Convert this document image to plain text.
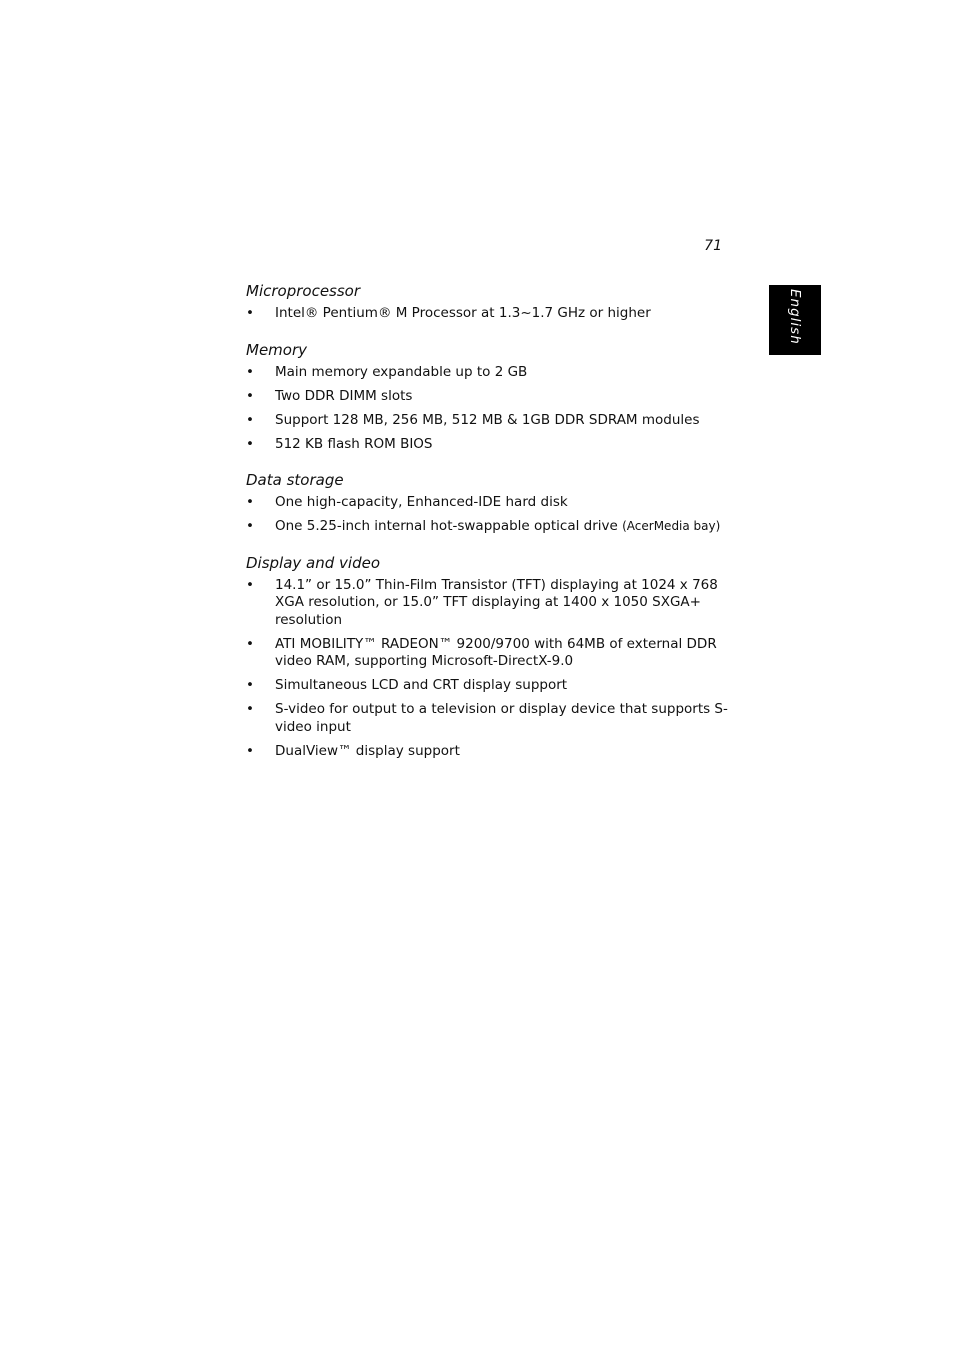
71
English
Microprocessor
• Intel® Pentium® M Processor at 1.3~1.7 GHz or higher
Memory
• Main memory expandable up to 2 GB
• Two DDR DIMM slots
• Support 128 MB, 256 MB, 512 MB & 1GB DDR SDRAM modules
• 512 KB flash ROM BIOS
Data storage
• One high-capacity, Enhanced-IDE hard disk
• One 5.25-inch internal hot-swappable optical drive (AcerMedia bay)
Display and video
• 14.1” or 15.0” Thin-Film Transistor (TFT) displaying at 1024 x 768 XGA resolution, or 15.0” TFT displaying at 1400 x 1050 SXGA+ resolution
• ATI MOBILITY™ RADEON™ 9200/9700 with 64MB of external DDR video RAM, supporting Microsoft-DirectX-9.0
• Simultaneous LCD and CRT display support
• S-video for output to a television or display device that supports S-video input
• DualView™ display support
